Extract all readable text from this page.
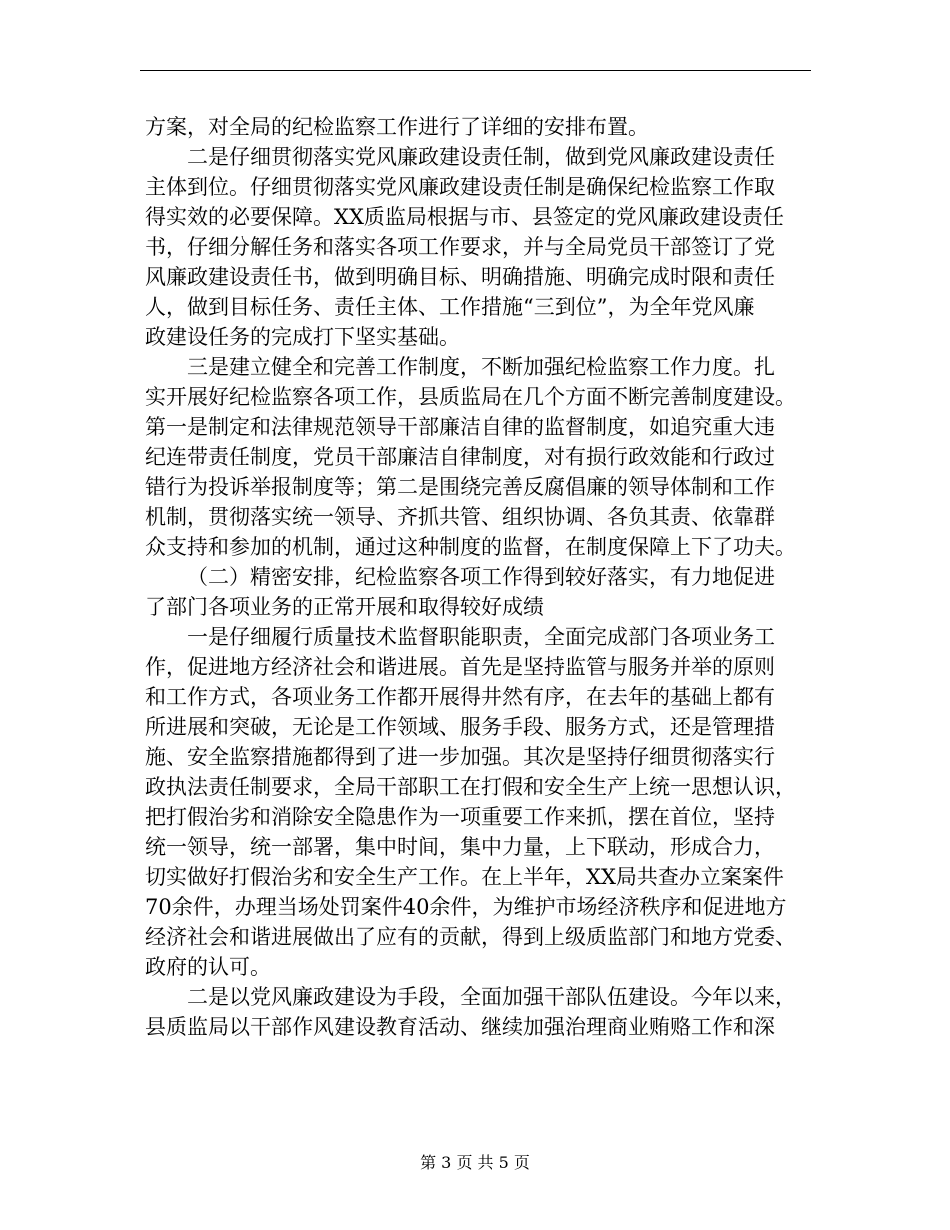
方案，对全局的纪检监察工作进行了详细的安排布置。
二是仔细贯彻落实党风廉政建设责任制，做到党风廉政建设责任
主体到位。仔细贯彻落实党风廉政建设责任制是确保纪检监察工作取
得实效的必要保障。XX质监局根据与市、县签定的党风廉政建设责任
书，仔细分解任务和落实各项工作要求，并与全局党员干部签订了党
风廉政建设责任书，做到明确目标、明确措施、明确完成时限和责任
人，做到目标任务、责任主体、工作措施“三到位”，为全年党风廉
政建设任务的完成打下坚实基础。
三是建立健全和完善工作制度，不断加强纪检监察工作力度。扎
实开展好纪检监察各项工作，县质监局在几个方面不断完善制度建设。
第一是制定和法律规范领导干部廉洁自律的监督制度，如追究重大违
纪连带责任制度，党员干部廉洁自律制度，对有损行政效能和行政过
错行为投诉举报制度等；第二是围绕完善反腐倡廉的领导体制和工作
机制，贯彻落实统一领导、齐抓共管、组织协调、各负其责、依靠群
众支持和参加的机制，通过这种制度的监督，在制度保障上下了功夫。
（二）精密安排，纪检监察各项工作得到较好落实，有力地促进
了部门各项业务的正常开展和取得较好成绩
一是仔细履行质量技术监督职能职责，全面完成部门各项业务工
作，促进地方经济社会和谐进展。首先是坚持监管与服务并举的原则
和工作方式，各项业务工作都开展得井然有序，在去年的基础上都有
所进展和突破，无论是工作领域、服务手段、服务方式，还是管理措
施、安全监察措施都得到了进一步加强。其次是坚持仔细贯彻落实行
政执法责任制要求，全局干部职工在打假和安全生产上统一思想认识，
把打假治劣和消除安全隐患作为一项重要工作来抓，摆在首位，坚持
统一领导，统一部署，集中时间，集中力量，上下联动，形成合力，
切实做好打假治劣和安全生产工作。在上半年，XX局共查办立案案件
70余件，办理当场处罚案件40余件，为维护市场经济秩序和促进地方
经济社会和谐进展做出了应有的贡献，得到上级质监部门和地方党委、
政府的认可。
二是以党风廉政建设为手段，全面加强干部队伍建设。今年以来，
县质监局以干部作风建设教育活动、继续加强治理商业贿赂工作和深
第 3 页 共 5 页
